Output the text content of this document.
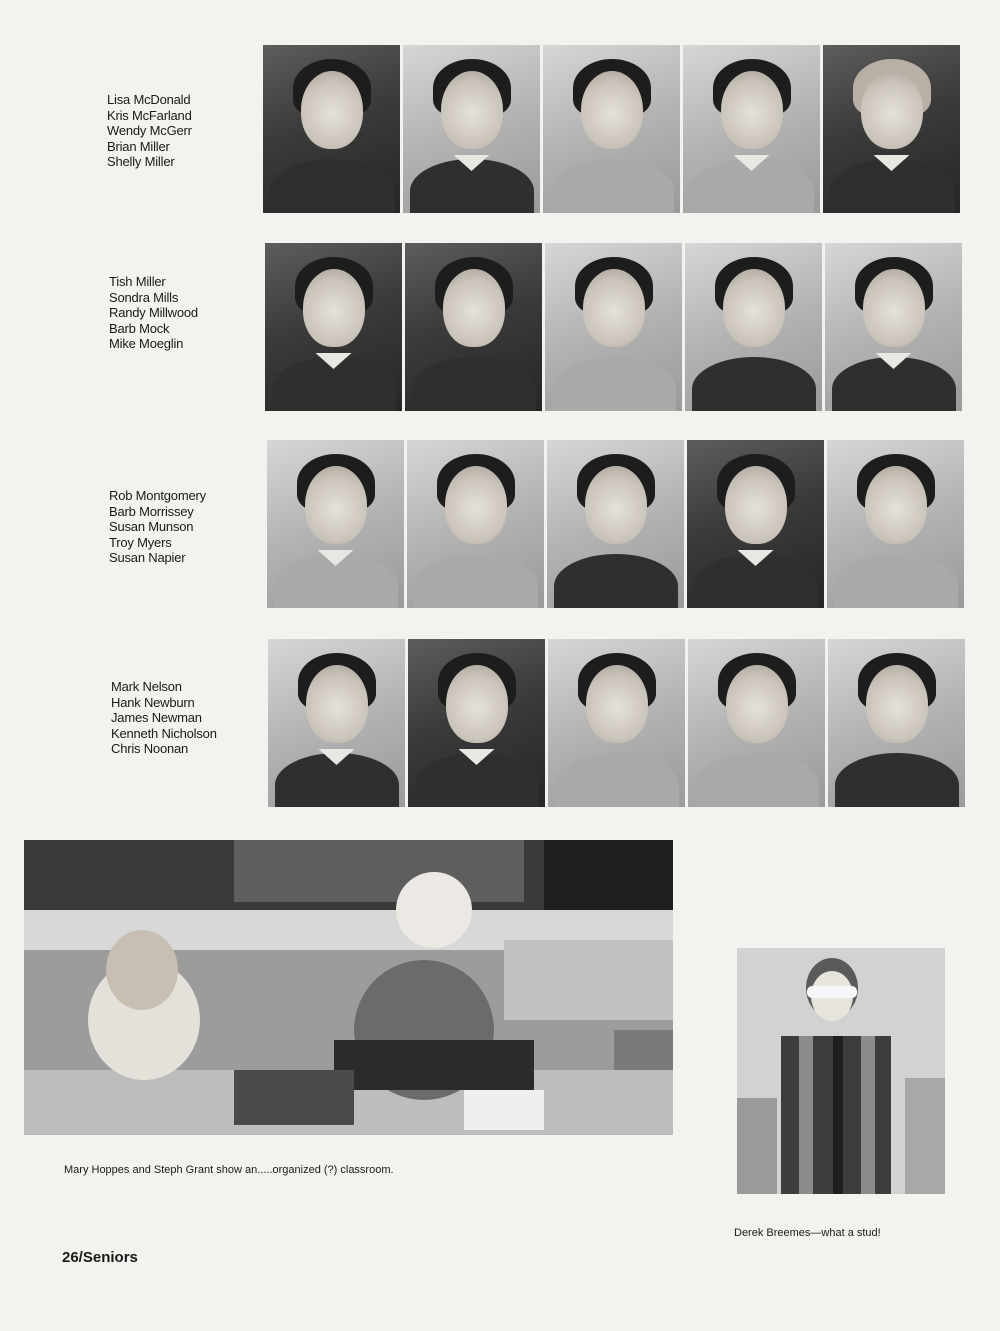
Lisa McDonald
Kris McFarland
Wendy McGerr
Brian Miller
Shelly Miller
Tish Miller
Sondra Mills
Randy Millwood
Barb Mock
Mike Moeglin
Rob Montgomery
Barb Morrissey
Susan Munson
Troy Myers
Susan Napier
Mark Nelson
Hank Newburn
James Newman
Kenneth Nicholson
Chris Noonan
Mary Hoppes and Steph Grant show an.....organized (?) classroom.
Derek Breemes—what a stud!
26/Seniors
